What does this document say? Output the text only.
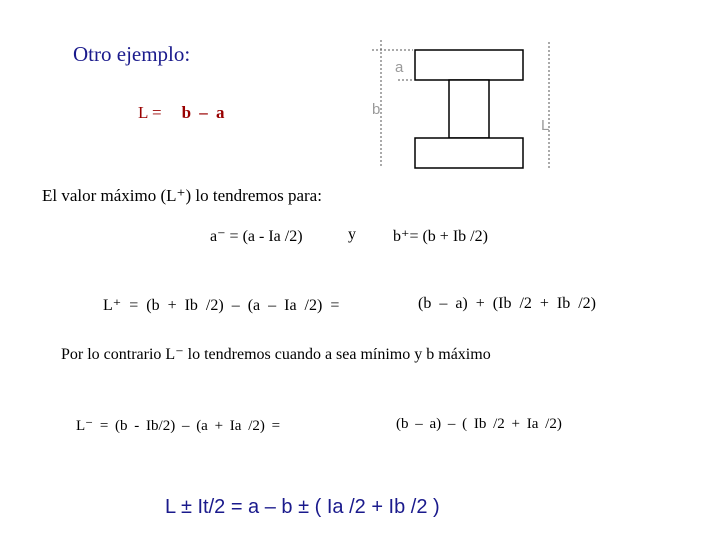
Otro ejemplo:
L = b – a
a
b
L
El valor máximo (L⁺) lo tendremos para:
a⁻ = (a - Ia /2)	y b⁺= (b + Ib /2)
L⁺ = (b + Ib /2) – (a – Ia /2) =	(b – a) + (Ib /2 + Ib /2)
Por lo contrario L⁻ lo tendremos cuando a sea mínimo y b máximo
L⁻ = (b - Ib/2) – (a + Ia /2) =	(b – a) – ( Ib /2 + Ia /2)
L ± It/2 = a – b ± ( Ia /2 + Ib /2 )
